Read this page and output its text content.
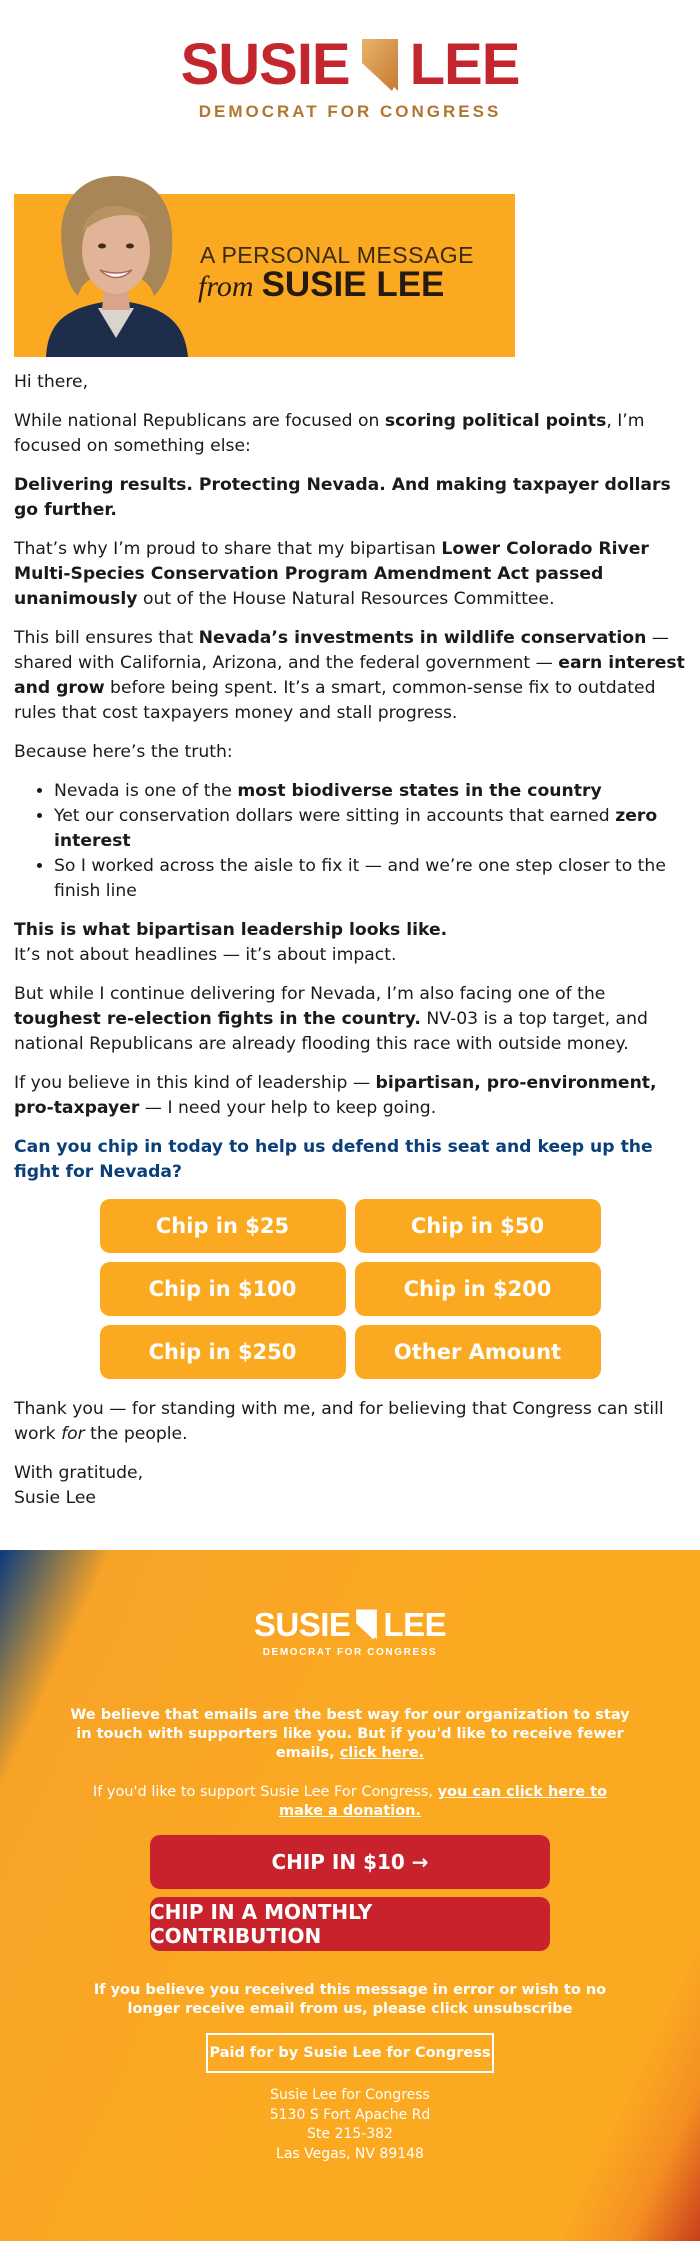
SUSIE LEE
DEMOCRAT FOR CONGRESS
A PERSONAL MESSAGE
from SUSIE LEE

Hi there,

While national Republicans are focused on scoring political points, I’m focused on something else:

Delivering results. Protecting Nevada. And making taxpayer dollars go further.

That’s why I’m proud to share that my bipartisan Lower Colorado River Multi-Species Conservation Program Amendment Act passed unanimously out of the House Natural Resources Committee.

This bill ensures that Nevada’s investments in wildlife conservation — shared with California, Arizona, and the federal government — earn interest and grow before being spent. It’s a smart, common-sense fix to outdated rules that cost taxpayers money and stall progress.

Because here’s the truth:

• Nevada is one of the most biodiverse states in the country
• Yet our conservation dollars were sitting in accounts that earned zero interest
• So I worked across the aisle to fix it — and we’re one step closer to the finish line

This is what bipartisan leadership looks like.
It’s not about headlines — it’s about impact.

But while I continue delivering for Nevada, I’m also facing one of the toughest re-election fights in the country. NV-03 is a top target, and national Republicans are already flooding this race with outside money.

If you believe in this kind of leadership — bipartisan, pro-environment, pro-taxpayer — I need your help to keep going.

Can you chip in today to help us defend this seat and keep up the fight for Nevada?

Chip in $25	Chip in $50
Chip in $100	Chip in $200
Chip in $250	Other Amount

Thank you — for standing with me, and for believing that Congress can still work for the people.

With gratitude,
Susie Lee

SUSIE LEE
DEMOCRAT FOR CONGRESS
We believe that emails are the best way for our organization to stay in touch with supporters like you. But if you'd like to receive fewer emails, click here.
If you'd like to support Susie Lee For Congress, you can click here to make a donation.
CHIP IN $10 →
CHIP IN A MONTHLY CONTRIBUTION
If you believe you received this message in error or wish to no longer receive email from us, please click unsubscribe
Paid for by Susie Lee for Congress
Susie Lee for Congress
5130 S Fort Apache Rd
Ste 215-382
Las Vegas, NV 89148
